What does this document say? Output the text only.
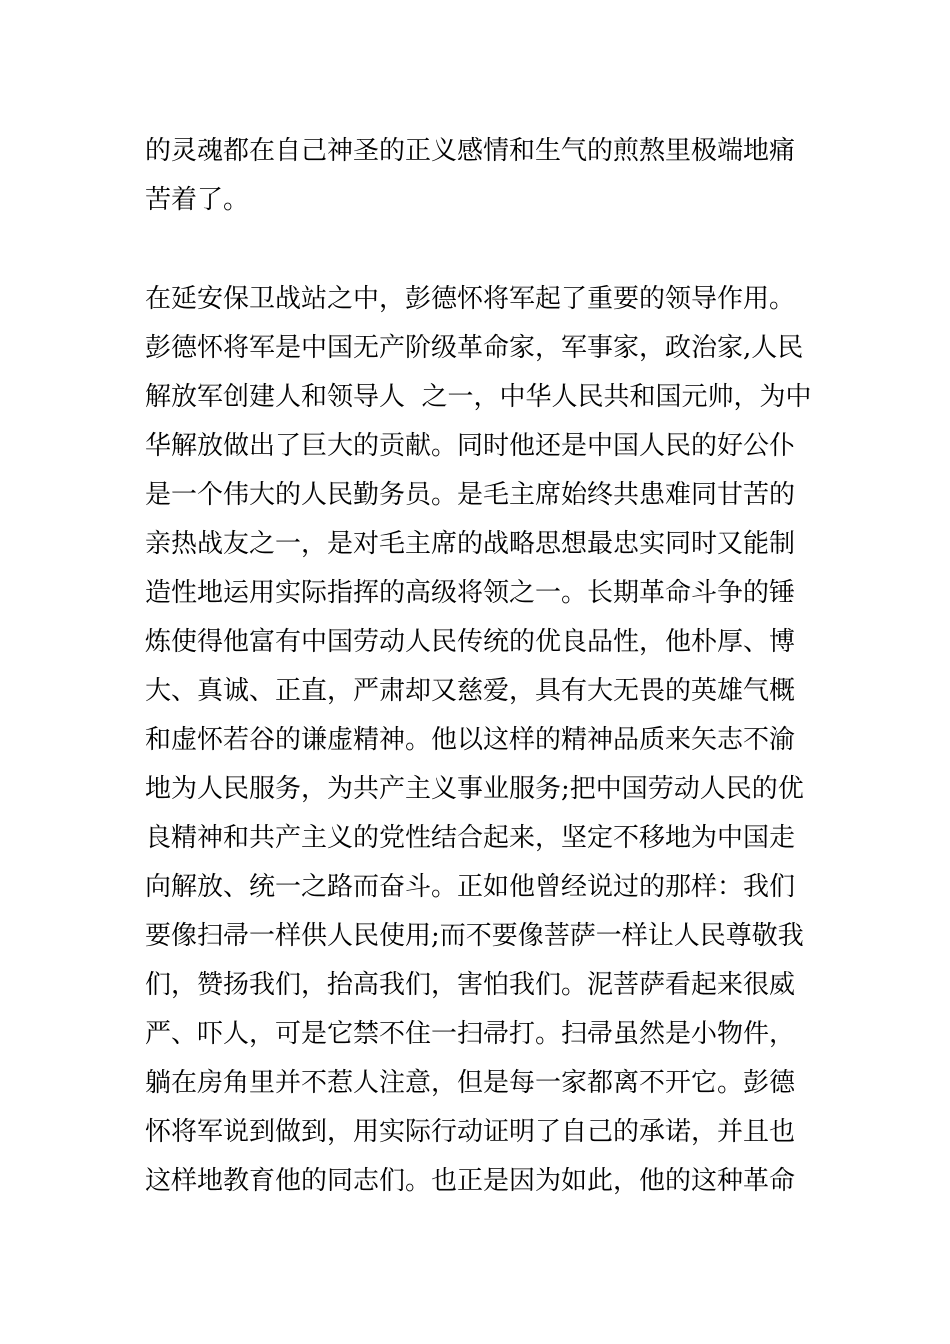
的灵魂都在自己神圣的正义感情和生气的煎熬里极端地痛
苦着了。
在延安保卫战站之中，彭德怀将军起了重要的领导作用。
彭德怀将军是中国无产阶级革命家，军事家，政治家,人民
解放军创建人和领导人  之一，中华人民共和国元帅，为中
华解放做出了巨大的贡献。同时他还是中国人民的好公仆
是一个伟大的人民勤务员。是毛主席始终共患难同甘苦的
亲热战友之一，是对毛主席的战略思想最忠实同时又能制
造性地运用实际指挥的高级将领之一。长期革命斗争的锤
炼使得他富有中国劳动人民传统的优良品性，他朴厚、博
大、真诚、正直，严肃却又慈爱，具有大无畏的英雄气概
和虚怀若谷的谦虚精神。他以这样的精神品质来矢志不渝
地为人民服务，为共产主义事业服务;把中国劳动人民的优
良精神和共产主义的党性结合起来，坚定不移地为中国走
向解放、统一之路而奋斗。正如他曾经说过的那样：我们
要像扫帚一样供人民使用;而不要像菩萨一样让人民尊敬我
们，赞扬我们，抬高我们，害怕我们。泥菩萨看起来很威
严、吓人，可是它禁不住一扫帚打。扫帚虽然是小物件，
躺在房角里并不惹人注意，但是每一家都离不开它。彭德
怀将军说到做到，用实际行动证明了自己的承诺，并且也
这样地教育他的同志们。也正是因为如此，他的这种革命
